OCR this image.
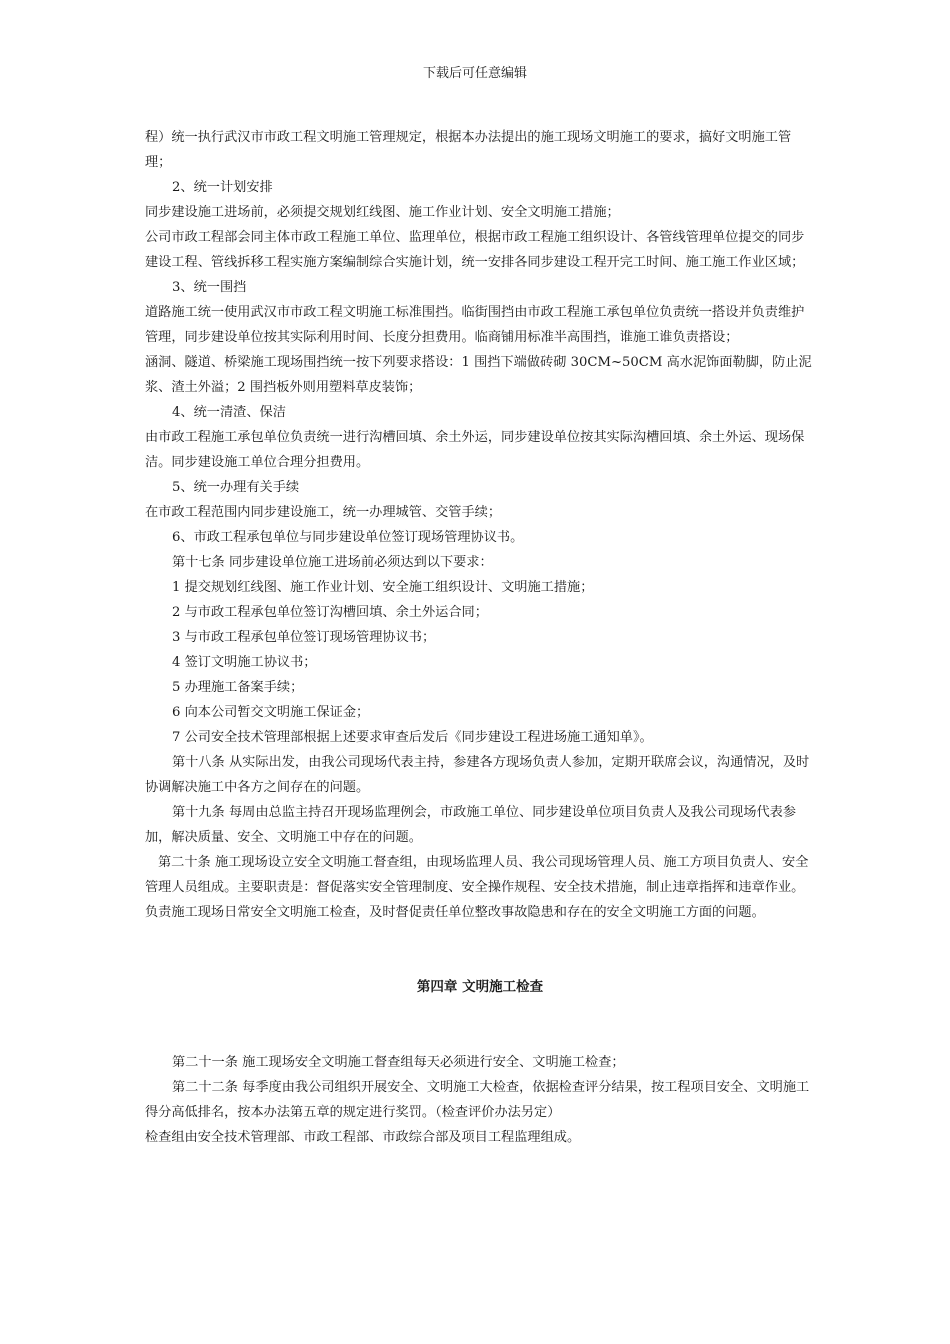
下载后可任意编辑

程）统一执行武汉市市政工程文明施工管理规定，根据本办法提出的施工现场文明施工的要求，搞好文明施工管理；

2、统一计划安排

同步建设施工进场前，必须提交规划红线图、施工作业计划、安全文明施工措施；

公司市政工程部会同主体市政工程施工单位、监理单位，根据市政工程施工组织设计、各管线管理单位提交的同步建设工程、管线拆移工程实施方案编制综合实施计划，统一安排各同步建设工程开完工时间、施工施工作业区域；

3、统一围挡

道路施工统一使用武汉市市政工程文明施工标准围挡。临街围挡由市政工程施工承包单位负责统一搭设并负责维护管理，同步建设单位按其实际利用时间、长度分担费用。临商铺用标准半高围挡，谁施工谁负责搭设；

涵洞、隧道、桥梁施工现场围挡统一按下列要求搭设：1 围挡下端做砖砌 30CM~50CM 高水泥饰面勒脚，防止泥浆、渣土外溢；2 围挡板外则用塑料草皮装饰；

4、统一清渣、保洁

由市政工程施工承包单位负责统一进行沟槽回填、余土外运，同步建设单位按其实际沟槽回填、余土外运、现场保洁。同步建设施工单位合理分担费用。

5、统一办理有关手续

在市政工程范围内同步建设施工，统一办理城管、交管手续；

6、市政工程承包单位与同步建设单位签订现场管理协议书。

第十七条 同步建设单位施工进场前必须达到以下要求：

1 提交规划红线图、施工作业计划、安全施工组织设计、文明施工措施；

2 与市政工程承包单位签订沟槽回填、余土外运合同；

3 与市政工程承包单位签订现场管理协议书；

4 签订文明施工协议书；

5 办理施工备案手续；

6 向本公司暂交文明施工保证金；

7 公司安全技术管理部根据上述要求审查后发后《同步建设工程进场施工通知单》。

第十八条 从实际出发，由我公司现场代表主持，参建各方现场负责人参加，定期开联席会议，沟通情况，及时协调解决施工中各方之间存在的问题。

第十九条 每周由总监主持召开现场监理例会，市政施工单位、同步建设单位项目负责人及我公司现场代表参加，解决质量、安全、文明施工中存在的问题。

第二十条 施工现场设立安全文明施工督查组，由现场监理人员、我公司现场管理人员、施工方项目负责人、安全管理人员组成。主要职责是：督促落实安全管理制度、安全操作规程、安全技术措施，制止违章指挥和违章作业。负责施工现场日常安全文明施工检查，及时督促责任单位整改事故隐患和存在的安全文明施工方面的问题。

第四章 文明施工检查

第二十一条 施工现场安全文明施工督查组每天必须进行安全、文明施工检查；

第二十二条 每季度由我公司组织开展安全、文明施工大检查，依据检查评分结果，按工程项目安全、文明施工得分高低排名，按本办法第五章的规定进行奖罚。（检查评价办法另定）

检查组由安全技术管理部、市政工程部、市政综合部及项目工程监理组成。
